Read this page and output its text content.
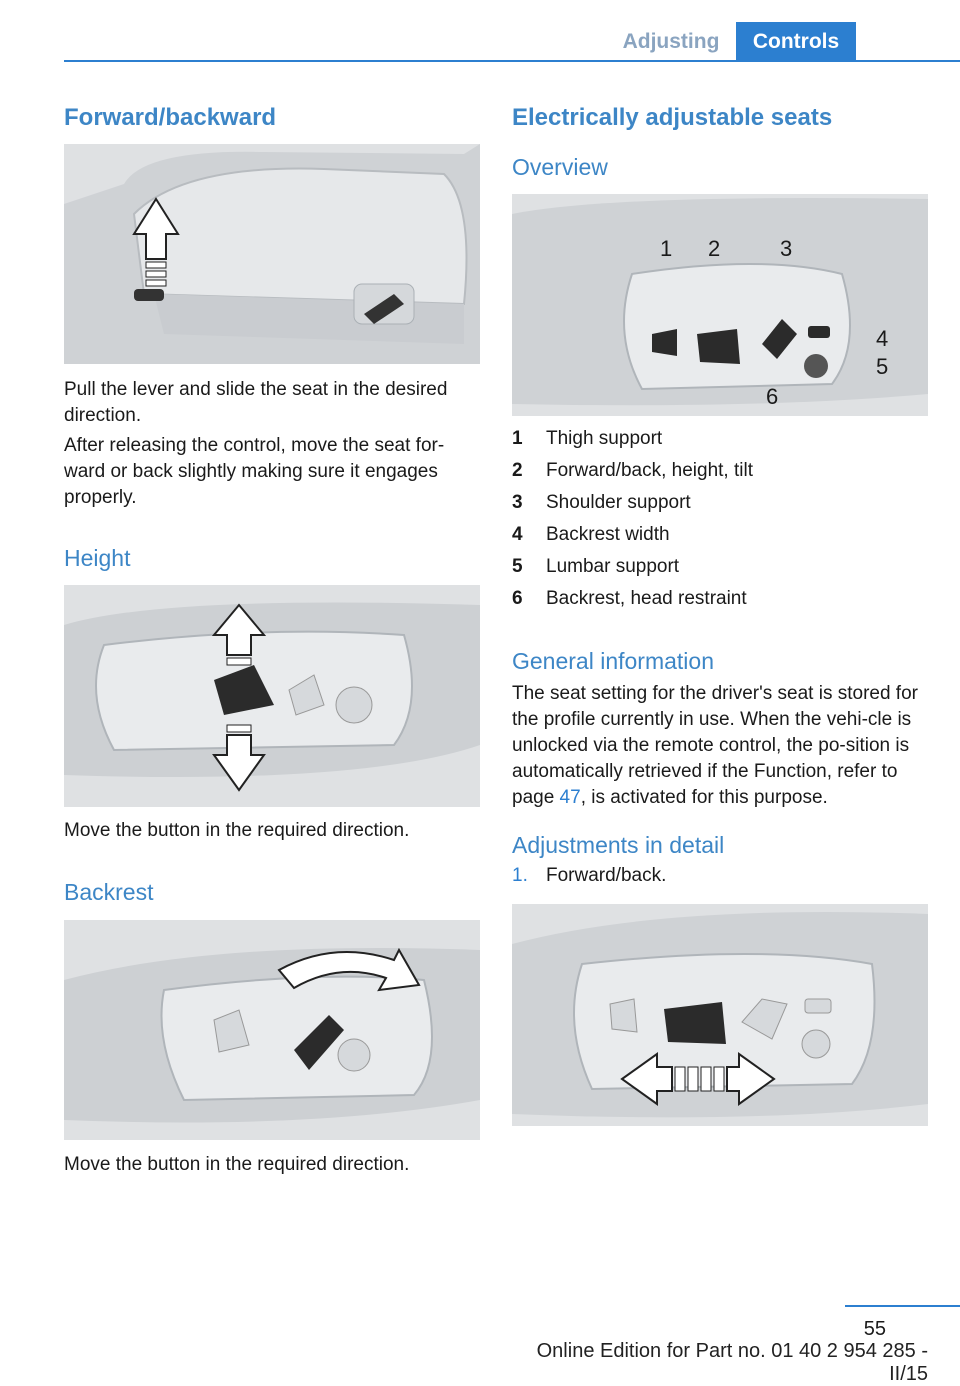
Adjusting	Controls
Forward/backward

Pull the lever and slide the seat in the desired direction.

After releasing the control, move the seat for-ward or back slightly making sure it engages properly.

Height

Move the button in the required direction.

Backrest

Move the button in the required direction.

Electrically adjustable seats
Overview
1 2	3
4
5
6
1	Thigh support
2	Forward/back, height, tilt
3	Shoulder support
4	Backrest width
5	Lumbar support
6	Backrest, head restraint
General information

The seat setting for the driver's seat is stored for the profile currently in use. When the vehi-cle is unlocked via the remote control, the po-sition is automatically retrieved if the Function, refer to page 47, is activated for this purpose.

Adjustments in detail

1. Forward/back.

55
Online Edition for Part no. 01 40 2 954 285 - II/15
